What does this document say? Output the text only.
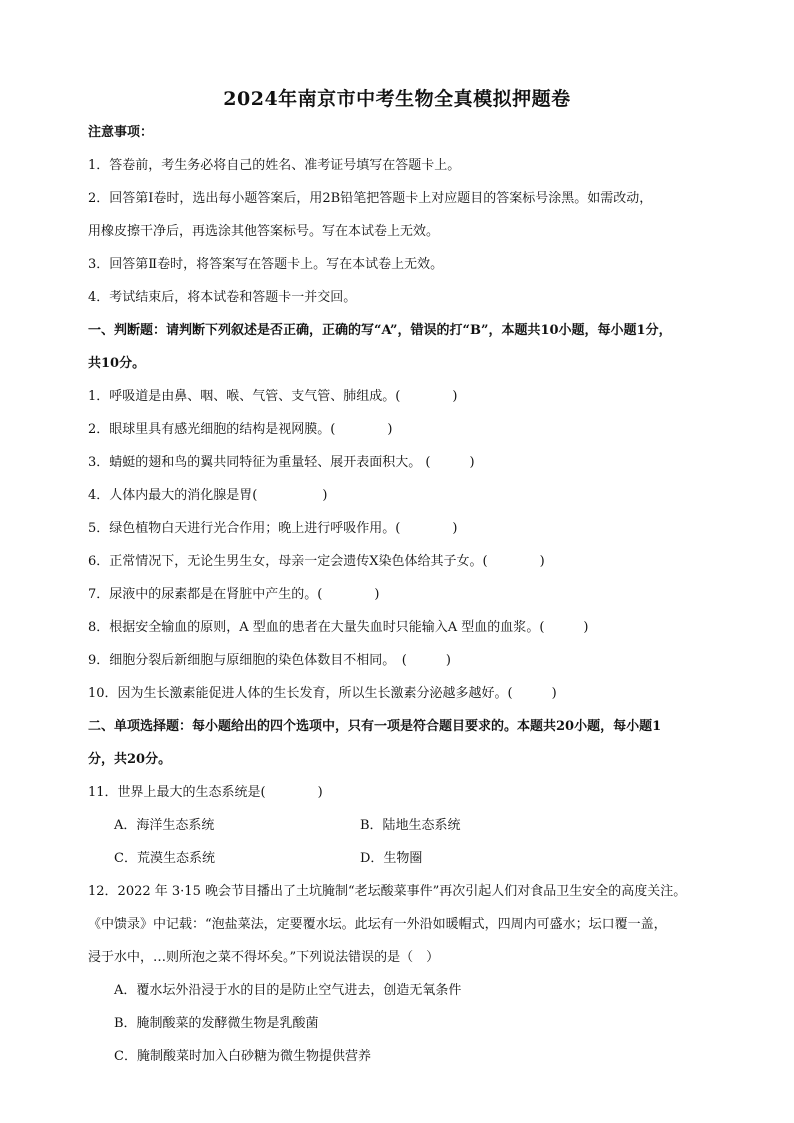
2024年南京市中考生物全真模拟押题卷
注意事项：
1．答卷前，考生务必将自己的姓名、准考证号填写在答题卡上。
2．回答第Ⅰ卷时，选出每小题答案后，用2B铅笔把答题卡上对应题目的答案标号涂黑。如需改动，
用橡皮擦干净后，再选涂其他答案标号。写在本试卷上无效。
3．回答第Ⅱ卷时，将答案写在答题卡上。写在本试卷上无效。
4．考试结束后，将本试卷和答题卡一并交回。
一、判断题：请判断下列叙述是否正确，正确的写“A”，错误的打“B”，本题共10小题，每小题1分，
共10分。
1．呼吸道是由鼻、咽、喉、气管、支气管、肺组成。(　　　　)
2．眼球里具有感光细胞的结构是视网膜。(　　　　)
3．蜻蜓的翅和鸟的翼共同特征为重量轻、展开表面积大。 (　　　)
4．人体内最大的消化腺是胃(　　　　　)
5．绿色植物白天进行光合作用；晚上进行呼吸作用。(　　　　)
6．正常情况下，无论生男生女，母亲一定会遗传X染色体给其子女。(　　　　)
7．尿液中的尿素都是在肾脏中产生的。(　　　　)
8．根据安全输血的原则，A 型血的患者在大量失血时只能输入A 型血的血浆。(　　　)
9．细胞分裂后新细胞与原细胞的染色体数目不相同。　(　　　)
10．因为生长激素能促进人体的生长发育，所以生长激素分泌越多越好。(　　　)
二、单项选择题：每小题给出的四个选项中，只有一项是符合题目要求的。本题共20小题，每小题1
分，共20分。
11．世界上最大的生态系统是(　　　　)
A．海洋生态系统	B．陆地生态系统
C．荒漠生态系统	D．生物圈
12．2022 年 3·15 晚会节目播出了土坑腌制“老坛酸菜事件”再次引起人们对食品卫生安全的高度关注。
《中馈录》中记载：“泡盐菜法，定要覆水坛。此坛有一外沿如暖帽式，四周内可盛水；坛口覆一盖，
浸于水中，…则所泡之菜不得坏矣。”下列说法错误的是（　）
A．覆水坛外沿浸于水的目的是防止空气进去，创造无氧条件
B．腌制酸菜的发酵微生物是乳酸菌
C．腌制酸菜时加入白砂糖为微生物提供营养
